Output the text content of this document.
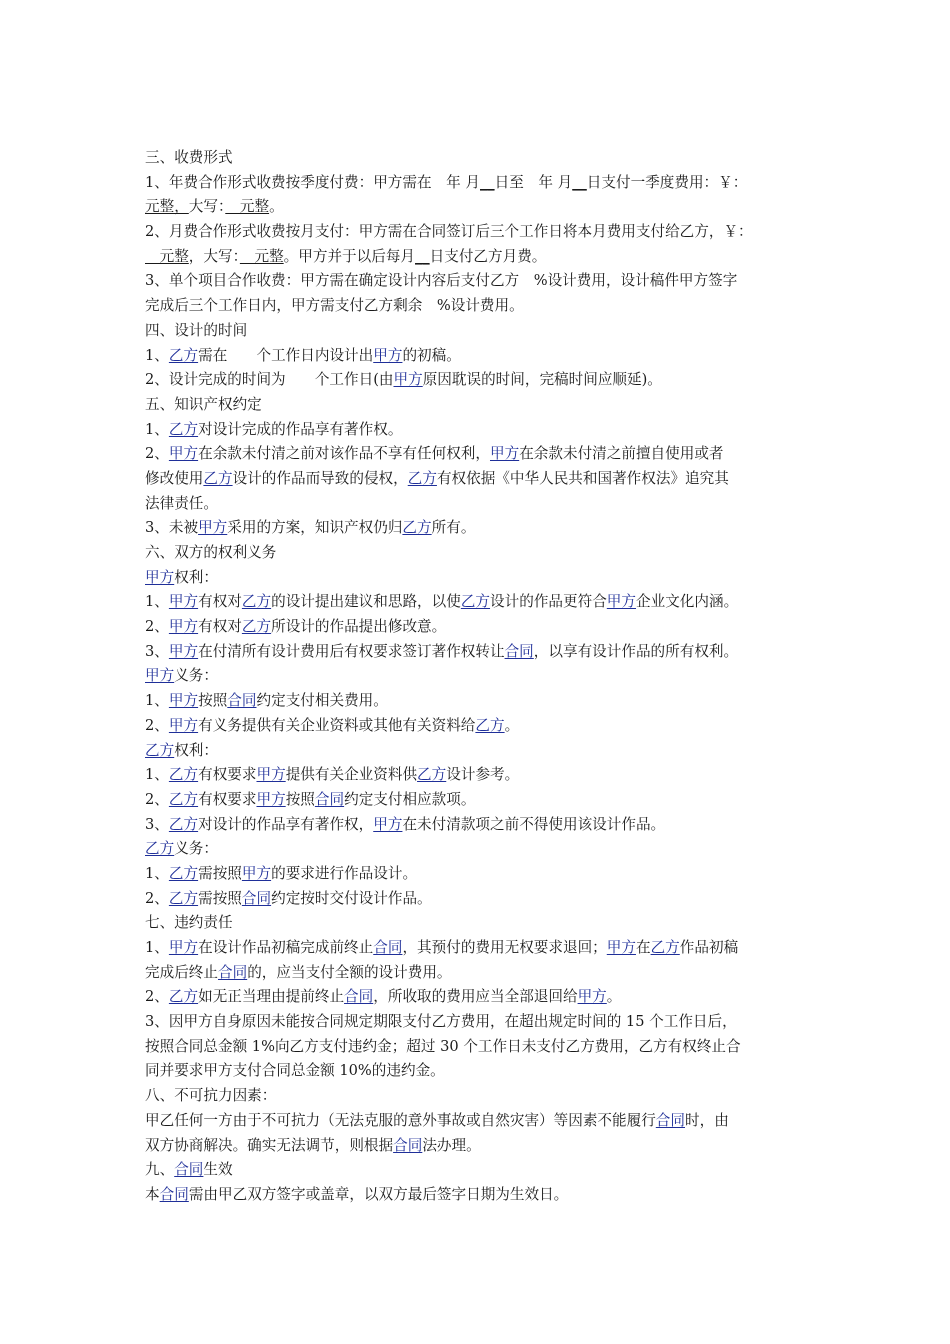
三、收费形式
1、年费合作形式收费按季度付费：甲方需在　年 月__日至　年 月__日支付一季度费用：￥：
元整，大写：　元整。
2、月费合作形式收费按月支付：甲方需在合同签订后三个工作日将本月费用支付给乙方，￥：
　元整，大写：　元整。甲方并于以后每月__日支付乙方月费。
3、单个项目合作收费：甲方需在确定设计内容后支付乙方　%设计费用，设计稿件甲方签字
完成后三个工作日内，甲方需支付乙方剩余　%设计费用。
四、设计的时间
1、乙方需在　　个工作日内设计出甲方的初稿。
2、设计完成的时间为　　个工作日(由甲方原因耽误的时间，完稿时间应顺延)。
五、知识产权约定
1、乙方对设计完成的作品享有著作权。
2、甲方在余款未付清之前对该作品不享有任何权利，甲方在余款未付清之前擅自使用或者
修改使用乙方设计的作品而导致的侵权，乙方有权依据《中华人民共和国著作权法》追究其
法律责任。
3、未被甲方采用的方案，知识产权仍归乙方所有。
六、双方的权利义务
甲方权利：
1、甲方有权对乙方的设计提出建议和思路，以使乙方设计的作品更符合甲方企业文化内涵。
2、甲方有权对乙方所设计的作品提出修改意。
3、甲方在付清所有设计费用后有权要求签订著作权转让合同，以享有设计作品的所有权利。
甲方义务：
1、甲方按照合同约定支付相关费用。
2、甲方有义务提供有关企业资料或其他有关资料给乙方。
乙方权利：
1、乙方有权要求甲方提供有关企业资料供乙方设计参考。
2、乙方有权要求甲方按照合同约定支付相应款项。
3、乙方对设计的作品享有著作权，甲方在未付清款项之前不得使用该设计作品。
乙方义务：
1、乙方需按照甲方的要求进行作品设计。
2、乙方需按照合同约定按时交付设计作品。
七、违约责任
1、甲方在设计作品初稿完成前终止合同，其预付的费用无权要求退回；甲方在乙方作品初稿
完成后终止合同的，应当支付全额的设计费用。
2、乙方如无正当理由提前终止合同，所收取的费用应当全部退回给甲方。
3、因甲方自身原因未能按合同规定期限支付乙方费用，在超出规定时间的 15 个工作日后，
按照合同总金额 1%向乙方支付违约金；超过 30 个工作日未支付乙方费用，乙方有权终止合
同并要求甲方支付合同总金额 10%的违约金。
八、不可抗力因素：
甲乙任何一方由于不可抗力（无法克服的意外事故或自然灾害）等因素不能履行合同时，由
双方协商解决。确实无法调节，则根据合同法办理。
九、合同生效
本合同需由甲乙双方签字或盖章，以双方最后签字日期为生效日。
